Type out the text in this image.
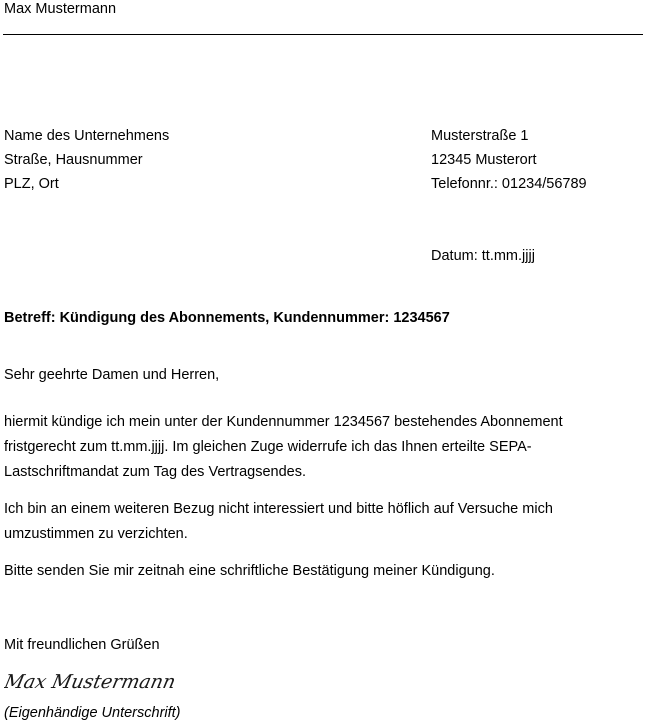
Max Mustermann
Name des Unternehmens
Straße, Hausnummer
PLZ, Ort
Musterstraße 1
12345 Musterort
Telefonnr.: 01234/56789
Datum: tt.mm.jjjj
Betreff: Kündigung des Abonnements, Kundennummer: 1234567
Sehr geehrte Damen und Herren,
hiermit kündige ich mein unter der Kundennummer 1234567 bestehendes Abonnement fristgerecht zum tt.mm.jjjj. Im gleichen Zuge widerrufe ich das Ihnen erteilte SEPA-Lastschriftmandat zum Tag des Vertragsendes.
Ich bin an einem weiteren Bezug nicht interessiert und bitte höflich auf Versuche mich umzustimmen zu verzichten.
Bitte senden Sie mir zeitnah eine schriftliche Bestätigung meiner Kündigung.
Mit freundlichen Grüßen
Max Mustermann
(Eigenhändige Unterschrift)
